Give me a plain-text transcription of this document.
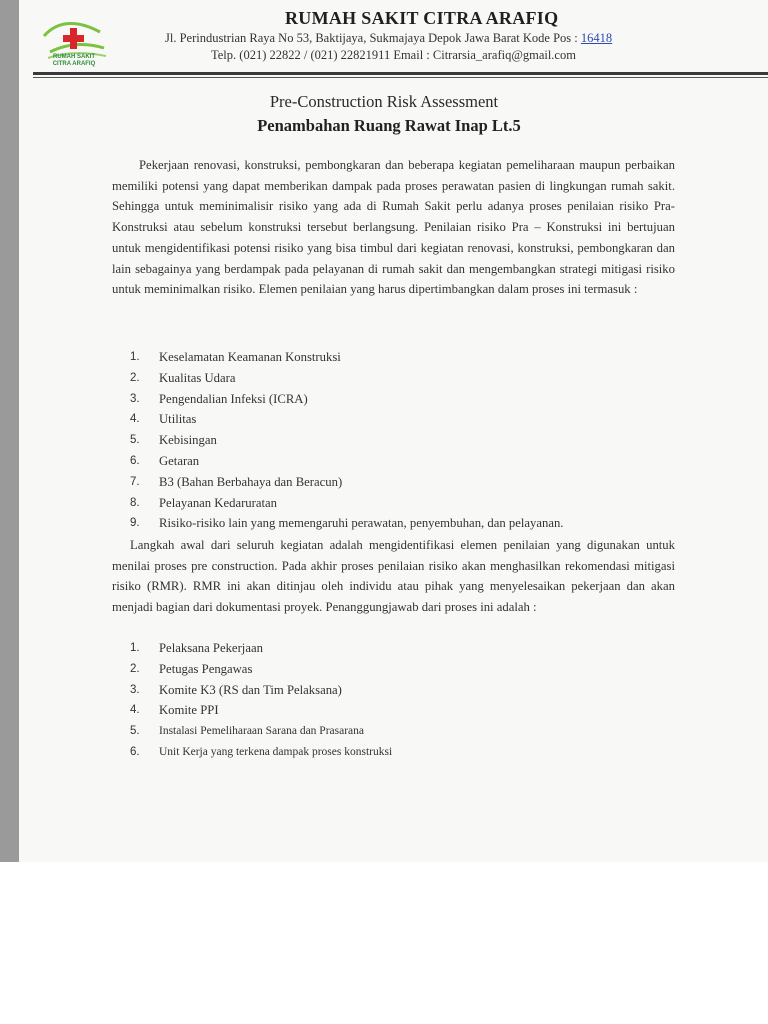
RUMAH SAKIT
CITRA ARAFIQ
RUMAH SAKIT CITRA ARAFIQ
Jl. Perindustrian Raya No 53, Baktijaya, Sukmajaya Depok Jawa Barat Kode Pos : 16418
Telp. (021) 22822 / (021) 22821911 Email : Citrarsia_arafiq@gmail.com
Pre-Construction Risk Assessment
Penambahan Ruang Rawat Inap Lt.5
Pekerjaan renovasi, konstruksi, pembongkaran dan beberapa kegiatan pemeliharaan maupun perbaikan memiliki potensi yang dapat memberikan dampak pada proses perawatan pasien di lingkungan rumah sakit. Sehingga untuk meminimalisir risiko yang ada di Rumah Sakit perlu adanya proses penilaian risiko Pra-Konstruksi atau sebelum konstruksi tersebut berlangsung. Penilaian risiko Pra – Konstruksi ini bertujuan untuk mengidentifikasi potensi risiko yang bisa timbul dari kegiatan renovasi, konstruksi, pembongkaran dan lain sebagainya yang berdampak pada pelayanan di rumah sakit dan mengembangkan strategi mitigasi risiko untuk meminimalkan risiko. Elemen penilaian yang harus dipertimbangkan dalam proses ini termasuk :
1.	Keselamatan Keamanan Konstruksi
2.	Kualitas Udara
3.	Pengendalian Infeksi (ICRA)
4.	Utilitas
5.	Kebisingan
6.	Getaran
7.	B3 (Bahan Berbahaya dan Beracun)
8.	Pelayanan Kedaruratan
9.	Risiko-risiko lain yang memengaruhi perawatan, penyembuhan, dan pelayanan.
Langkah awal dari seluruh kegiatan adalah mengidentifikasi elemen penilaian yang digunakan untuk menilai proses pre construction. Pada akhir proses penilaian risiko akan menghasilkan rekomendasi mitigasi risiko (RMR). RMR ini akan ditinjau oleh individu atau pihak yang menyelesaikan pekerjaan dan akan menjadi bagian dari dokumentasi proyek. Penanggungjawab dari proses ini adalah :
1.	Pelaksana Pekerjaan
2.	Petugas Pengawas
3.	Komite K3 (RS dan Tim Pelaksana)
4.	Komite PPI
5.	Instalasi Pemeliharaan Sarana dan Prasarana
6.	Unit Kerja yang terkena dampak proses konstruksi
